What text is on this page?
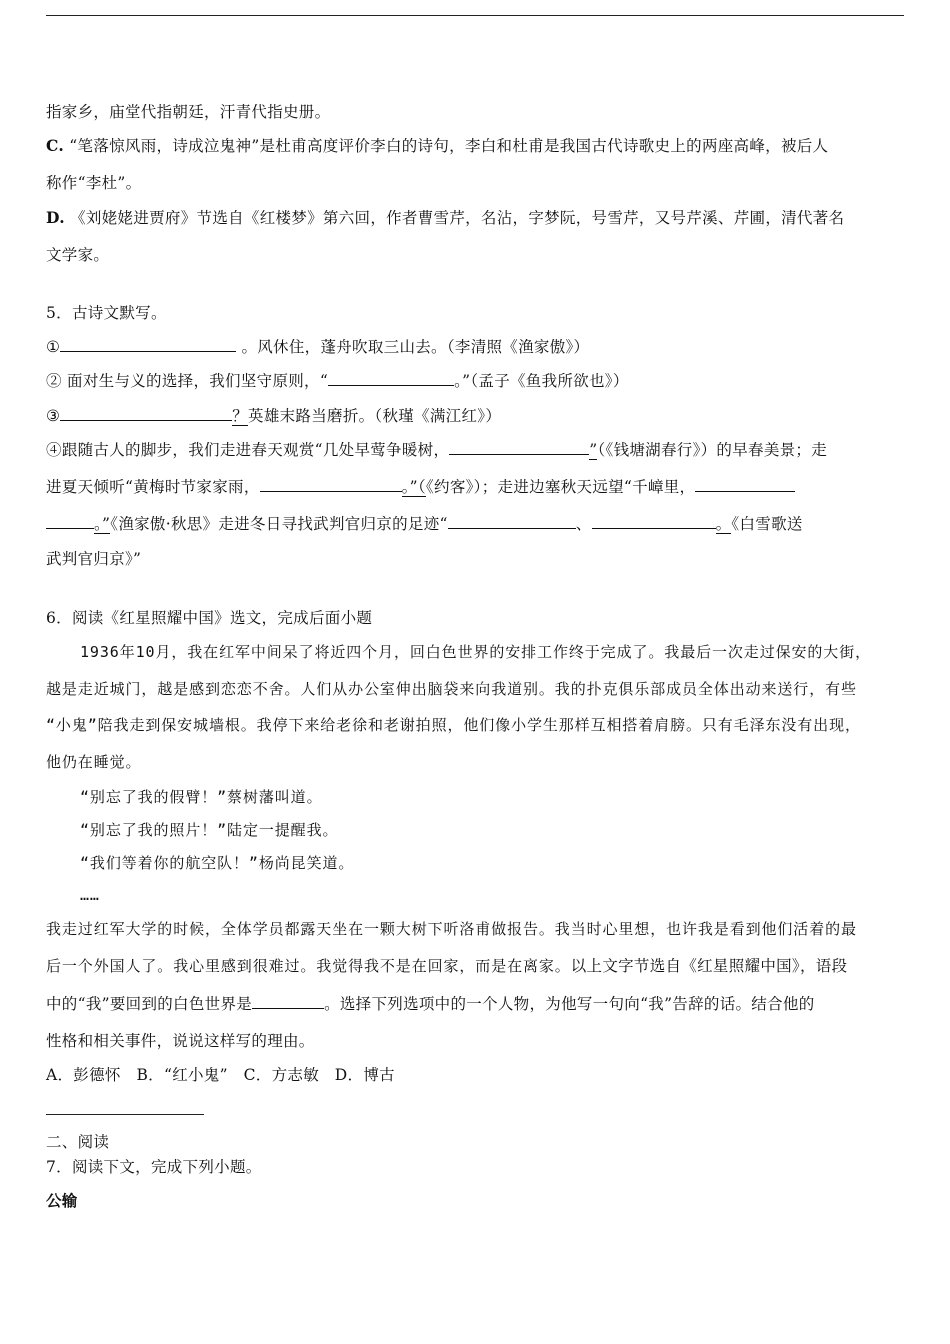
指家乡，庙堂代指朝廷，汗青代指史册。
C. “笔落惊风雨，诗成泣鬼神”是杜甫高度评价李白的诗句，李白和杜甫是我国古代诗歌史上的两座高峰，被后人
称作“李杜”。
D. 《刘姥姥进贾府》节选自《红楼梦》第六回，作者曹雪芹，名沾，字梦阮，号雪芹，又号芹溪、芹圃，清代著名
文学家。
5．古诗文默写。
①	。风休住，蓬舟吹取三山去。（李清照《渔家傲》）
② 面对生与义的选择，我们坚守原则，“	。”（孟子《鱼我所欲也》）
③	？英雄末路当磨折。（秋瑾《满江红》）
④跟随古人的脚步，我们走进春天观赏“几处早莺争暖树，	”（《钱塘湖春行》）的早春美景；走
进夏天倾听“黄梅时节家家雨，	。”（《约客》）；走进边塞秋天远望“千嶂里，
。”《渔家傲·秋思》走进冬日寻找武判官归京的足迹“	、	。《白雪歌送
武判官归京》”
6．阅读《红星照耀中国》选文，完成后面小题
1936年10月，我在红军中间呆了将近四个月，回白色世界的安排工作终于完成了。我最后一次走过保安的大街，
越是走近城门，越是感到恋恋不舍。人们从办公室伸出脑袋来向我道别。我的扑克俱乐部成员全体出动来送行，有些
“小鬼”陪我走到保安城墙根。我停下来给老徐和老谢拍照，他们像小学生那样互相搭着肩膀。只有毛泽东没有出现，
他仍在睡觉。
“别忘了我的假臂！”蔡树藩叫道。
“别忘了我的照片！”陆定一提醒我。
“我们等着你的航空队！”杨尚昆笑道。
……
我走过红军大学的时候，全体学员都露天坐在一颗大树下听洛甫做报告。我当时心里想，也许我是看到他们活着的最
后一个外国人了。我心里感到很难过。我觉得我不是在回家，而是在离家。以上文字节选自《红星照耀中国》，语段
中的“我”要回到的白色世界是	。选择下列选项中的一个人物，为他写一句向“我”告辞的话。结合他的
性格和相关事件，说说这样写的理由。
A．彭德怀　B．“红小鬼”　C．方志敏　D．博古
二、阅读
7．阅读下文，完成下列小题。
公输
